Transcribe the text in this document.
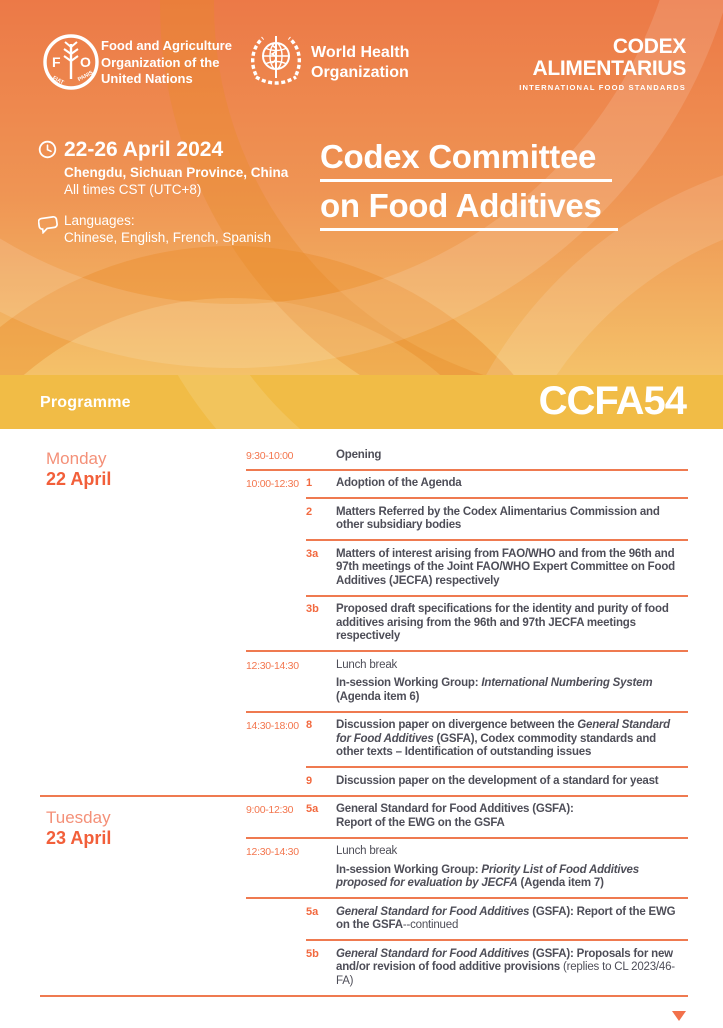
F O
FIAT PANIS
Food and Agriculture
Organization of the
United Nations
World Health
Organization
CODEX
ALIMENTARIUS
INTERNATIONAL FOOD STANDARDS
22-26 April 2024
Chengdu, Sichuan Province, China
All times CST (UTC+8)
Languages:
Chinese, English, French, Spanish
Codex Committee
on Food Additives
Programme	CCFA54
Monday
22 April
9:30-10:00	Opening
10:00-12:30 1	Adoption of the Agenda
2	Matters Referred by the Codex Alimentarius Commission and other subsidiary bodies
3a	Matters of interest arising from FAO/WHO and from the 96th and 97th meetings of the Joint FAO/WHO Expert Committee on Food Additives (JECFA) respectively
3b	Proposed draft specifications for the identity and purity of food additives arising from the 96th and 97th JECFA meetings respectively
12:30-14:30	Lunch break
In-session Working Group: International Numbering System (Agenda item 6)
14:30-18:00 8	Discussion paper on divergence between the General Standard for Food Additives (GSFA), Codex commodity standards and other texts – Identification of outstanding issues
9	Discussion paper on the development of a standard for yeast
Tuesday
23 April
9:00-12:30	5a	General Standard for Food Additives (GSFA):
Report of the EWG on the GSFA
12:30-14:30	Lunch break
In-session Working Group: Priority List of Food Additives proposed for evaluation by JECFA (Agenda item 7)
5a	General Standard for Food Additives (GSFA): Report of the EWG on the GSFA--continued
5b	General Standard for Food Additives (GSFA): Proposals for new and/or revision of food additive provisions (replies to CL 2023/46-FA)
